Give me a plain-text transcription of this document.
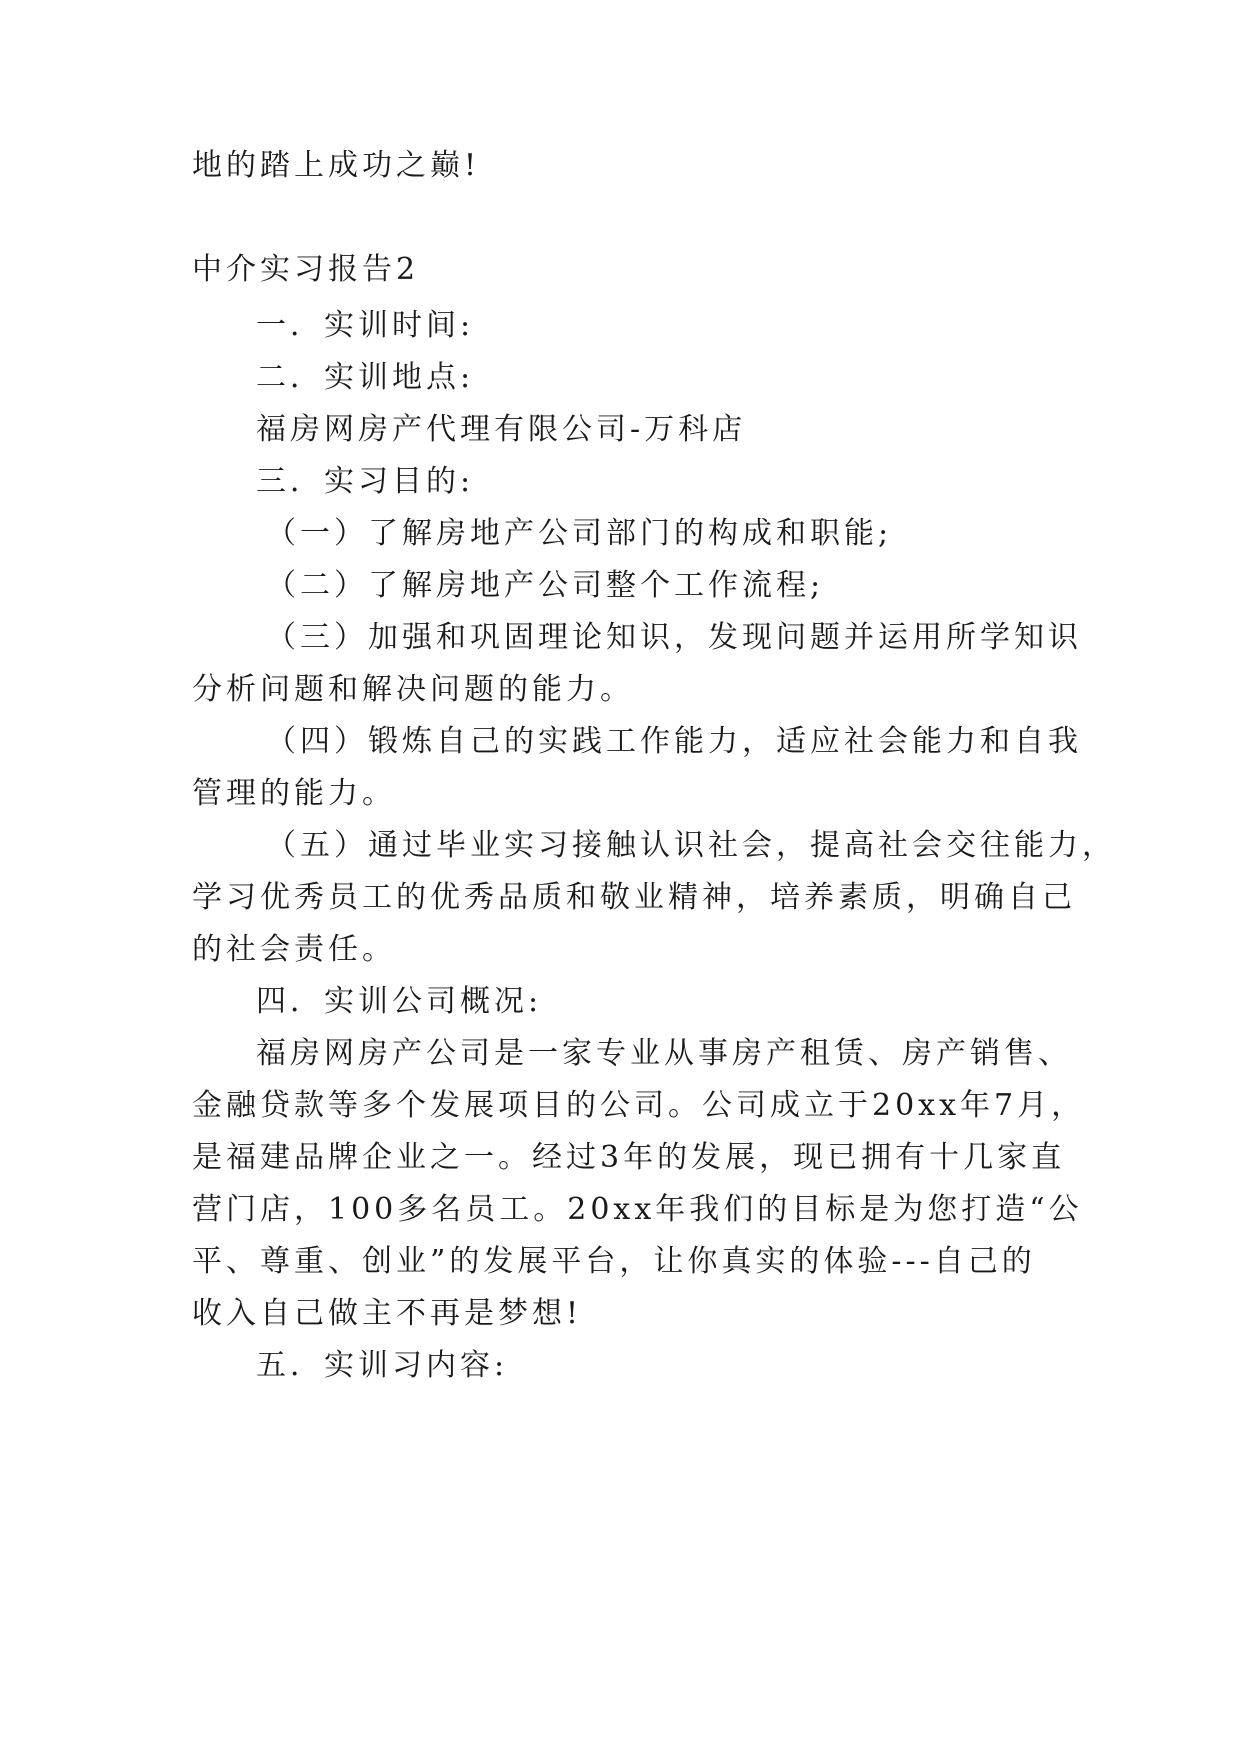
地的踏上成功之巅!
中介实习报告2
一．实训时间:
二．实训地点:
福房网房产代理有限公司-万科店
三．实习目的:
（一）了解房地产公司部门的构成和职能;
（二）了解房地产公司整个工作流程;
（三）加强和巩固理论知识，发现问题并运用所学知识
分析问题和解决问题的能力。
（四）锻炼自己的实践工作能力，适应社会能力和自我
管理的能力。
（五）通过毕业实习接触认识社会，提高社会交往能力，
学习优秀员工的优秀品质和敬业精神，培养素质，明确自己
的社会责任。
四．实训公司概况:
福房网房产公司是一家专业从事房产租赁、房产销售、
金融贷款等多个发展项目的公司。公司成立于20xx年7月，
是福建品牌企业之一。经过3年的发展，现已拥有十几家直
营门店，100多名员工。20xx年我们的目标是为您打造“公
平、尊重、创业”的发展平台，让你真实的体验---自己的
收入自己做主不再是梦想!
五．实训习内容:
